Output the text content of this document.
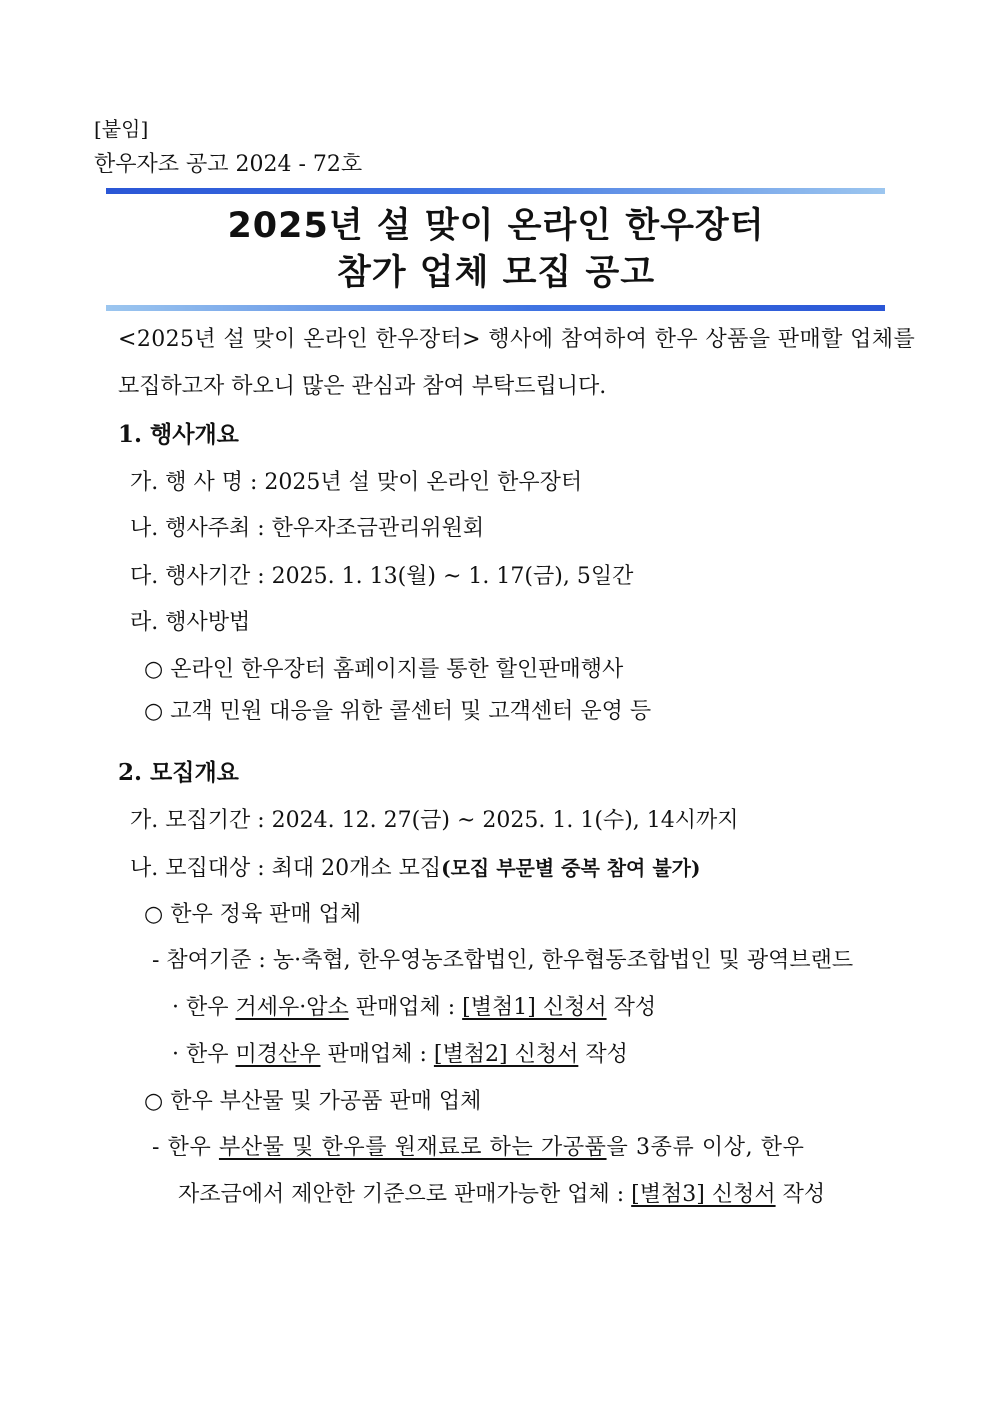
[붙임]
한우자조 공고 2024 - 72호
2025년 설 맞이 온라인 한우장터
참가 업체 모집 공고
<2025년 설 맞이 온라인 한우장터> 행사에 참여하여 한우 상품을 판매할 업체를
모집하고자 하오니 많은 관심과 참여 부탁드립니다.
1. 행사개요
가. 행 사 명 : 2025년 설 맞이 온라인 한우장터
나. 행사주최 : 한우자조금관리위원회
다. 행사기간 : 2025. 1. 13(월) ~ 1. 17(금), 5일간
라. 행사방법
○ 온라인 한우장터 홈페이지를 통한 할인판매행사
○ 고객 민원 대응을 위한 콜센터 및 고객센터 운영 등
2. 모집개요
가. 모집기간 : 2024. 12. 27(금) ~ 2025. 1. 1(수), 14시까지
나. 모집대상 : 최대 20개소 모집(모집 부문별 중복 참여 불가)
○ 한우 정육 판매 업체
- 참여기준 : 농·축협, 한우영농조합법인, 한우협동조합법인 및 광역브랜드
· 한우 거세우·암소 판매업체 : [별첨1] 신청서 작성
· 한우 미경산우 판매업체 : [별첨2] 신청서 작성
○ 한우 부산물 및 가공품 판매 업체
- 한우 부산물 및 한우를 원재료로 하는 가공품을 3종류 이상, 한우
자조금에서 제안한 기준으로 판매가능한 업체 : [별첨3] 신청서 작성
